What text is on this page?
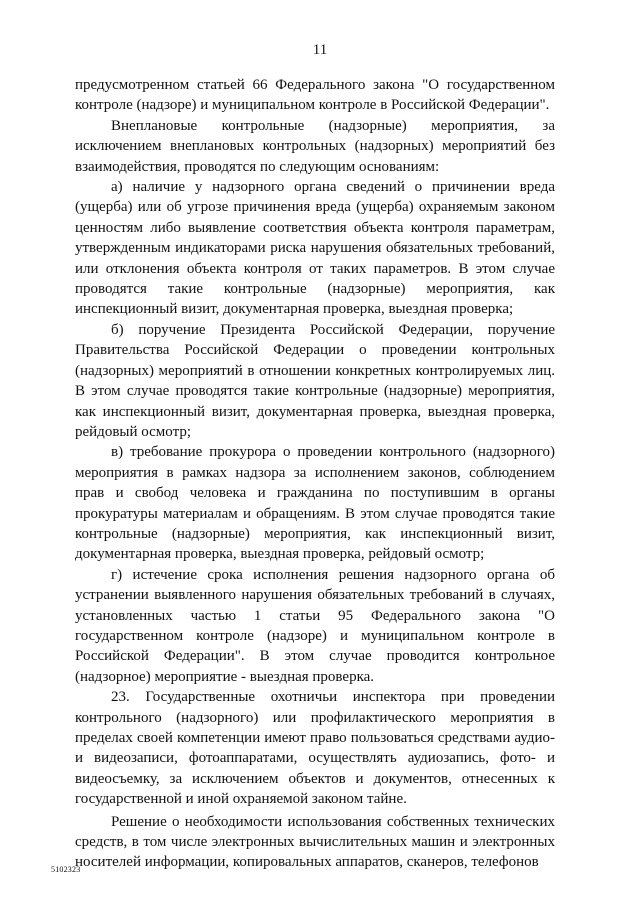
11

предусмотренном статьей 66 Федерального закона "О государственном контроле (надзоре) и муниципальном контроле в Российской Федерации".

Внеплановые контрольные (надзорные) мероприятия, за исключением внеплановых контрольных (надзорных) мероприятий без взаимодействия, проводятся по следующим основаниям:

а) наличие у надзорного органа сведений о причинении вреда (ущерба) или об угрозе причинения вреда (ущерба) охраняемым законом ценностям либо выявление соответствия объекта контроля параметрам, утвержденным индикаторами риска нарушения обязательных требований, или отклонения объекта контроля от таких параметров. В этом случае проводятся такие контрольные (надзорные) мероприятия, как инспекционный визит, документарная проверка, выездная проверка;

б) поручение Президента Российской Федерации, поручение Правительства Российской Федерации о проведении контрольных (надзорных) мероприятий в отношении конкретных контролируемых лиц. В этом случае проводятся такие контрольные (надзорные) мероприятия, как инспекционный визит, документарная проверка, выездная проверка, рейдовый осмотр;

в) требование прокурора о проведении контрольного (надзорного) мероприятия в рамках надзора за исполнением законов, соблюдением прав и свобод человека и гражданина по поступившим в органы прокуратуры материалам и обращениям. В этом случае проводятся такие контрольные (надзорные) мероприятия, как инспекционный визит, документарная проверка, выездная проверка, рейдовый осмотр;

г) истечение срока исполнения решения надзорного органа об устранении выявленного нарушения обязательных требований в случаях, установленных частью 1 статьи 95 Федерального закона "О государственном контроле (надзоре) и муниципальном контроле в Российской Федерации". В этом случае проводится контрольное (надзорное) мероприятие - выездная проверка.

23. Государственные охотничьи инспектора при проведении контрольного (надзорного) или профилактического мероприятия в пределах своей компетенции имеют право пользоваться средствами аудио- и видеозаписи, фотоаппаратами, осуществлять аудиозапись, фото- и видеосъемку, за исключением объектов и документов, отнесенных к государственной и иной охраняемой законом тайне.

Решение о необходимости использования собственных технических средств, в том числе электронных вычислительных машин и электронных носителей информации, копировальных аппаратов, сканеров, телефонов

5102323
